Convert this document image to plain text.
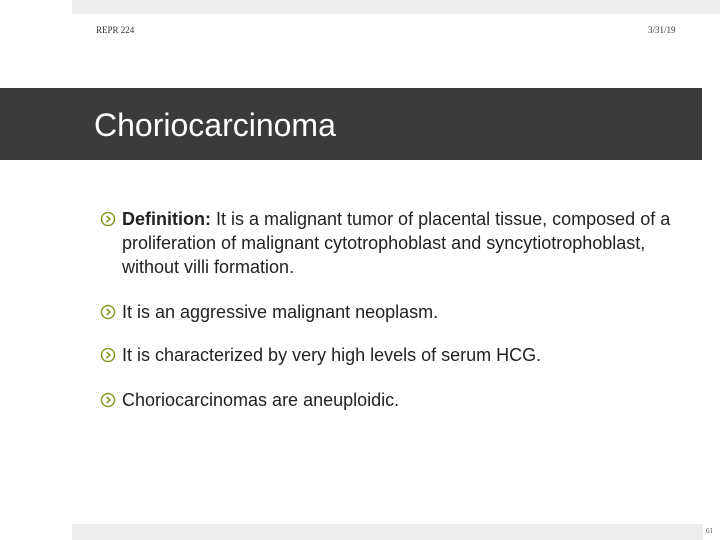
REPR 224	3/31/19
Choriocarcinoma
Definition: It is a malignant tumor of placental tissue, composed of a proliferation of malignant cytotrophoblast and syncytiotrophoblast, without villi formation.
It is an aggressive malignant neoplasm.
It is characterized by very high levels of serum HCG.
Choriocarcinomas are aneuploidic.
61
